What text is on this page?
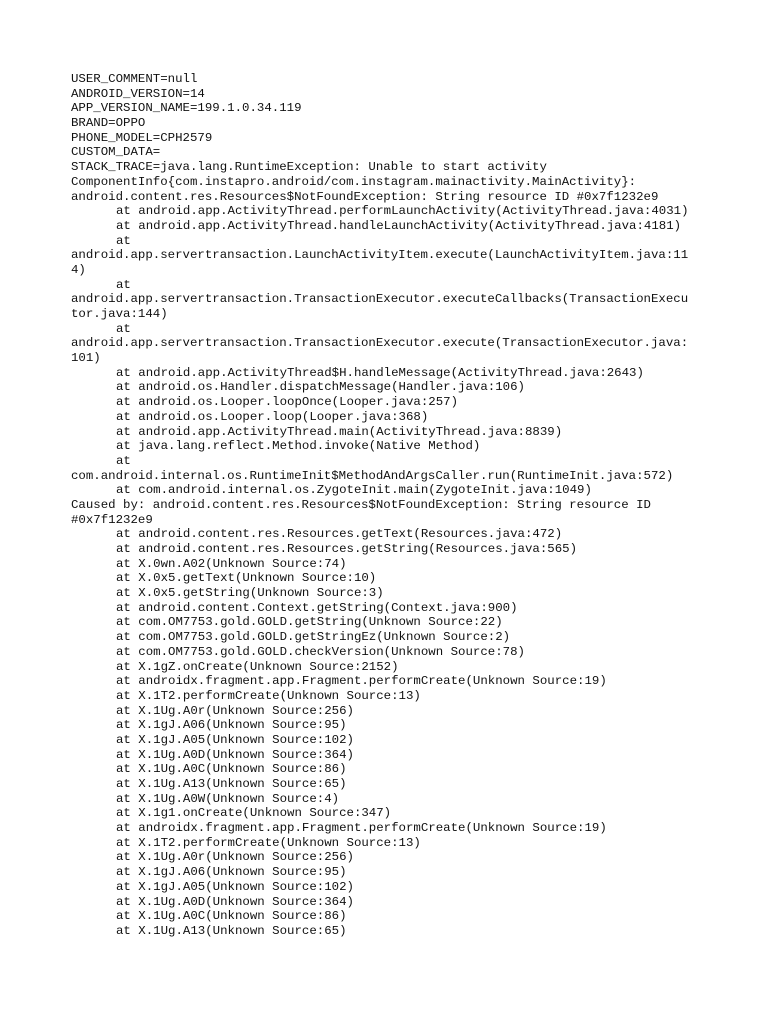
USER_COMMENT=null
ANDROID_VERSION=14
APP_VERSION_NAME=199.1.0.34.119
BRAND=OPPO
PHONE_MODEL=CPH2579
CUSTOM_DATA=
STACK_TRACE=java.lang.RuntimeException: Unable to start activity
ComponentInfo{com.instapro.android/com.instagram.mainactivity.MainActivity}:
android.content.res.Resources$NotFoundException: String resource ID #0x7f1232e9
at android.app.ActivityThread.performLaunchActivity(ActivityThread.java:4031)
at android.app.ActivityThread.handleLaunchActivity(ActivityThread.java:4181)
at
android.app.servertransaction.LaunchActivityItem.execute(LaunchActivityItem.java:11
4)
at
android.app.servertransaction.TransactionExecutor.executeCallbacks(TransactionExecu
tor.java:144)
at
android.app.servertransaction.TransactionExecutor.execute(TransactionExecutor.java:
101)
at android.app.ActivityThread$H.handleMessage(ActivityThread.java:2643)
at android.os.Handler.dispatchMessage(Handler.java:106)
at android.os.Looper.loopOnce(Looper.java:257)
at android.os.Looper.loop(Looper.java:368)
at android.app.ActivityThread.main(ActivityThread.java:8839)
at java.lang.reflect.Method.invoke(Native Method)
at
com.android.internal.os.RuntimeInit$MethodAndArgsCaller.run(RuntimeInit.java:572)
at com.android.internal.os.ZygoteInit.main(ZygoteInit.java:1049)
Caused by: android.content.res.Resources$NotFoundException: String resource ID
#0x7f1232e9
at android.content.res.Resources.getText(Resources.java:472)
at android.content.res.Resources.getString(Resources.java:565)
at X.0wn.A02(Unknown Source:74)
at X.0x5.getText(Unknown Source:10)
at X.0x5.getString(Unknown Source:3)
at android.content.Context.getString(Context.java:900)
at com.OM7753.gold.GOLD.getString(Unknown Source:22)
at com.OM7753.gold.GOLD.getStringEz(Unknown Source:2)
at com.OM7753.gold.GOLD.checkVersion(Unknown Source:78)
at X.1gZ.onCreate(Unknown Source:2152)
at androidx.fragment.app.Fragment.performCreate(Unknown Source:19)
at X.1T2.performCreate(Unknown Source:13)
at X.1Ug.A0r(Unknown Source:256)
at X.1gJ.A06(Unknown Source:95)
at X.1gJ.A05(Unknown Source:102)
at X.1Ug.A0D(Unknown Source:364)
at X.1Ug.A0C(Unknown Source:86)
at X.1Ug.A13(Unknown Source:65)
at X.1Ug.A0W(Unknown Source:4)
at X.1g1.onCreate(Unknown Source:347)
at androidx.fragment.app.Fragment.performCreate(Unknown Source:19)
at X.1T2.performCreate(Unknown Source:13)
at X.1Ug.A0r(Unknown Source:256)
at X.1gJ.A06(Unknown Source:95)
at X.1gJ.A05(Unknown Source:102)
at X.1Ug.A0D(Unknown Source:364)
at X.1Ug.A0C(Unknown Source:86)
at X.1Ug.A13(Unknown Source:65)
